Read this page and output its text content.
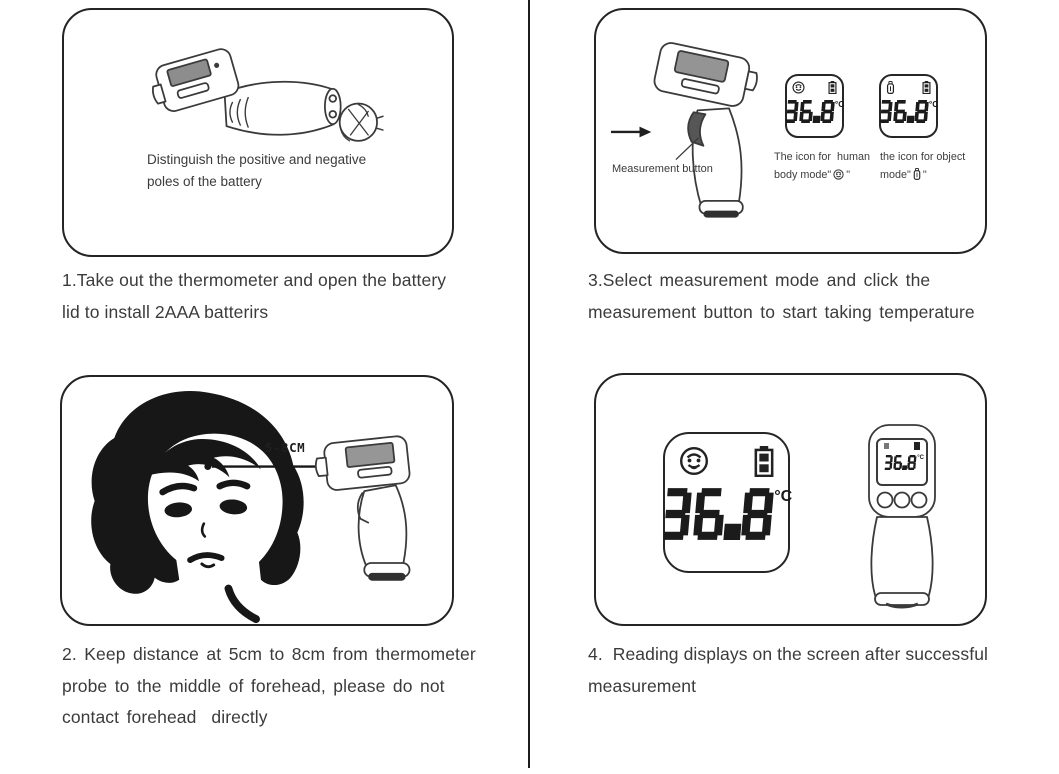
Distinguish the positive and negative
poles of the battery
1.Take out the thermometer and open the battery
lid to install 2AAA batterirs
5-8CM
2. Keep distance at 5cm to 8cm from thermometer
probe to the middle of forehead, please do not
contact forehead  directly
Measurement button
°C	°C
The icon for  human
body mode" "
the icon for object
mode" "
3.Select measurement mode and click the
measurement button to start taking temperature
°C
°C
4.  Reading displays on the screen after successful
measurement
